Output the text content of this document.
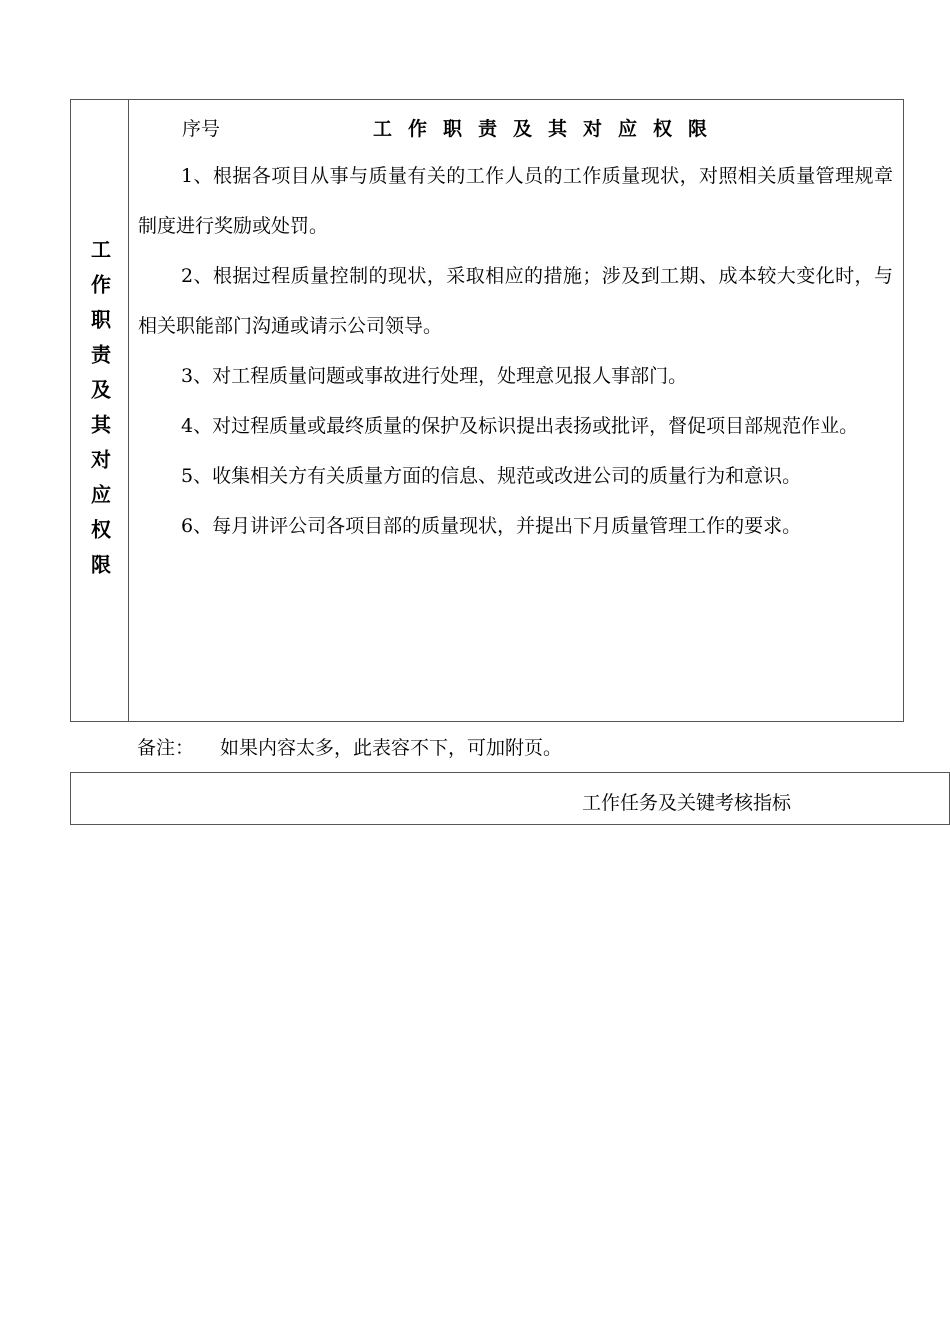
工作职责及其对应权限
序号	工作职责及其对应权限

1、根据各项目从事与质量有关的工作人员的工作质量现状，对照相关质量管理规章制度进行奖励或处罚。

2、根据过程质量控制的现状，采取相应的措施；涉及到工期、成本较大变化时，与相关职能部门沟通或请示公司领导。

3、对工程质量问题或事故进行处理，处理意见报人事部门。

4、对过程质量或最终质量的保护及标识提出表扬或批评，督促项目部规范作业。

5、收集相关方有关质量方面的信息、规范或改进公司的质量行为和意识。

6、每月讲评公司各项目部的质量现状，并提出下月质量管理工作的要求。

备注： 如果内容太多，此表容不下，可加附页。
工作任务及关键考核指标
